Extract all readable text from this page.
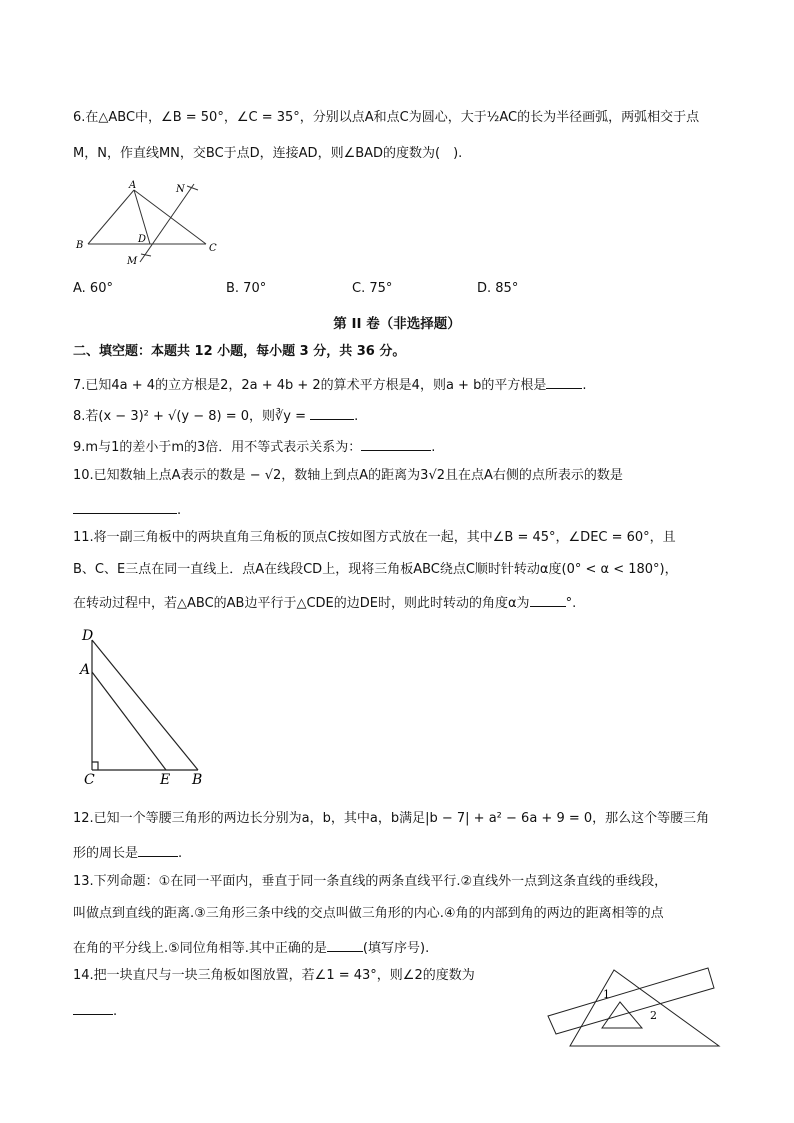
6.在△ABC中，∠B = 50°，∠C = 35°，分别以点A和点C为圆心，大于½AC的长为半径画弧，两弧相交于点
M，N，作直线MN，交BC于点D，连接AD，则∠BAD的度数为(　).
A
B	C
D
M
N
A. 60°	B. 70°	C. 75°	D. 85°
第 II 卷（非选择题）
二、填空题：本题共 12 小题，每小题 3 分，共 36 分。
7.已知4a + 4的立方根是2，2a + 4b + 2的算术平方根是4，则a + b的平方根是	.
8.若(x − 3)² + √(y − 8) = 0，则∛y =	.
9.m与1的差小于m的3倍．用不等式表示关系为：	.
10.已知数轴上点A表示的数是 − √2，数轴上到点A的距离为3√2且在点A右侧的点所表示的数是
.
11.将一副三角板中的两块直角三角板的顶点C按如图方式放在一起，其中∠B = 45°，∠DEC = 60°，且
B、C、E三点在同一直线上．点A在线段CD上，现将三角板ABC绕点C顺时针转动α度(0° < α < 180°)，
在转动过程中，若△ABC的AB边平行于△CDE的边DE时，则此时转动的角度α为	°.
D
A
C	E B
12.已知一个等腰三角形的两边长分别为a，b，其中a，b满足|b − 7| + a² − 6a + 9 = 0，那么这个等腰三角
形的周长是	.
13.下列命题：①在同一平面内，垂直于同一条直线的两条直线平行.②直线外一点到这条直线的垂线段，
叫做点到直线的距离.③三角形三条中线的交点叫做三角形的内心.④角的内部到角的两边的距离相等的点
在角的平分线上.⑤同位角相等.其中正确的是	(填写序号).
14.把一块直尺与一块三角板如图放置，若∠1 = 43°，则∠2的度数为
.
1
2
